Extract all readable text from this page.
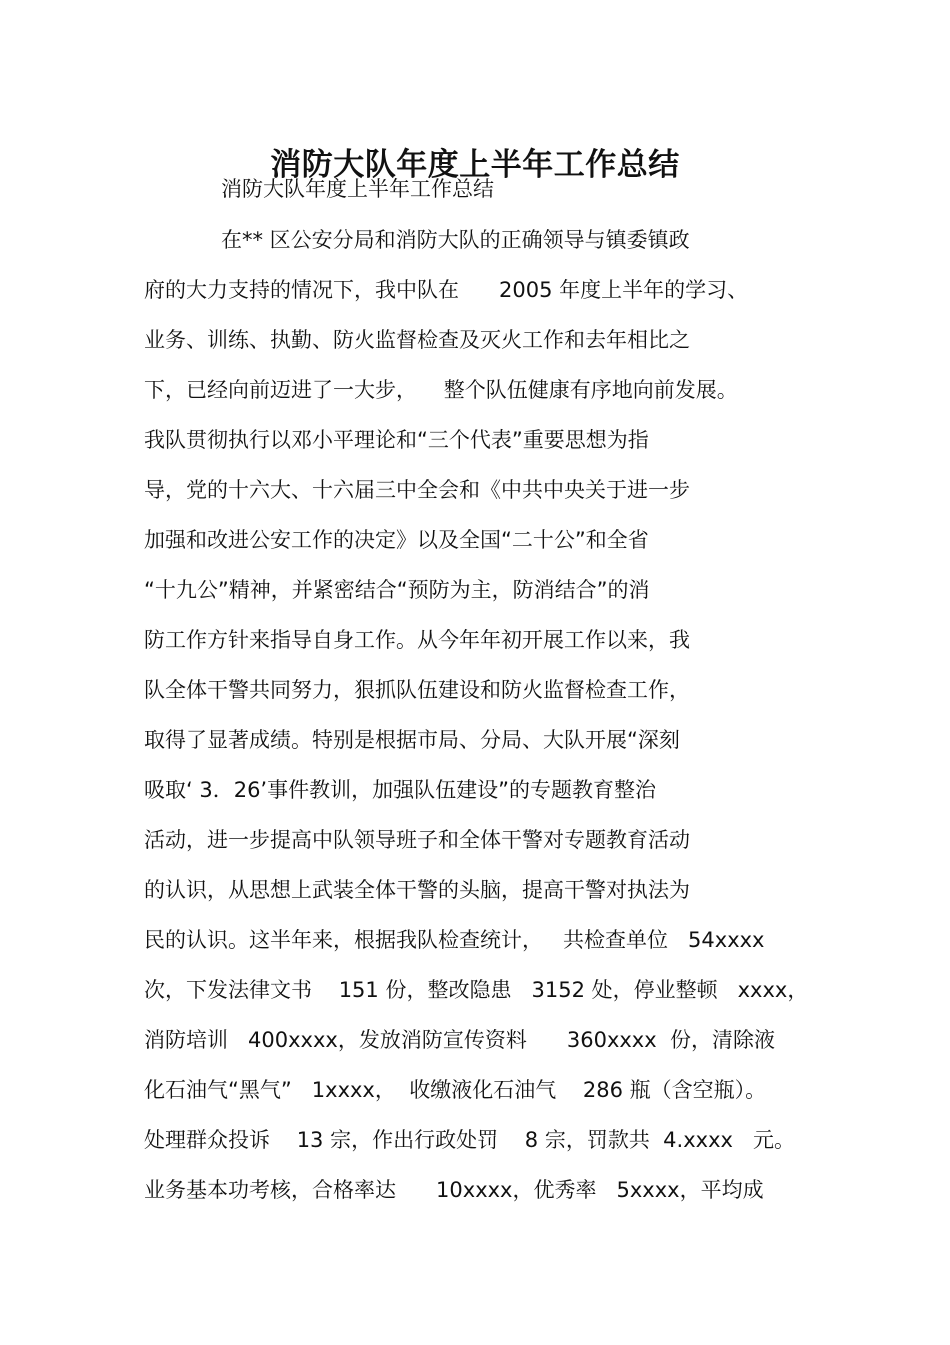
消防大队年度上半年工作总结

消防大队年度上半年工作总结

在** 区公安分局和消防大队的正确领导与镇委镇政

府的大力支持的情况下，我中队在      2005 年度上半年的学习、

业务、训练、执勤、防火监督检查及灭火工作和去年相比之

下，已经向前迈进了一大步，    整个队伍健康有序地向前发展。

我队贯彻执行以邓小平理论和“三个代表”重要思想为指

导，党的十六大、十六届三中全会和《中共中央关于进一步

加强和改进公安工作的决定》以及全国“二十公”和全省

“十九公”精神，并紧密结合“预防为主，防消结合”的消

防工作方针来指导自身工作。从今年年初开展工作以来，我

队全体干警共同努力，狠抓队伍建设和防火监督检查工作，

取得了显著成绩。特别是根据市局、分局、大队开展“深刻

吸取‘ 3．26’事件教训，加强队伍建设”的专题教育整治

活动，进一步提高中队领导班子和全体干警对专题教育活动

的认识，从思想上武装全体干警的头脑，提高干警对执法为

民的认识。这半年来，根据我队检查统计，   共检查单位   54xxxx

次，下发法律文书    151 份，整改隐患   3152 处，停业整顿   xxxx，

消防培训   400xxxx，发放消防宣传资料      360xxxx  份，清除液

化石油气“黑气”   1xxxx，  收缴液化石油气    286 瓶（含空瓶）。

处理群众投诉    13 宗，作出行政处罚    8 宗，罚款共  4.xxxx   元。

业务基本功考核，合格率达      10xxxx，优秀率   5xxxx，平均成
